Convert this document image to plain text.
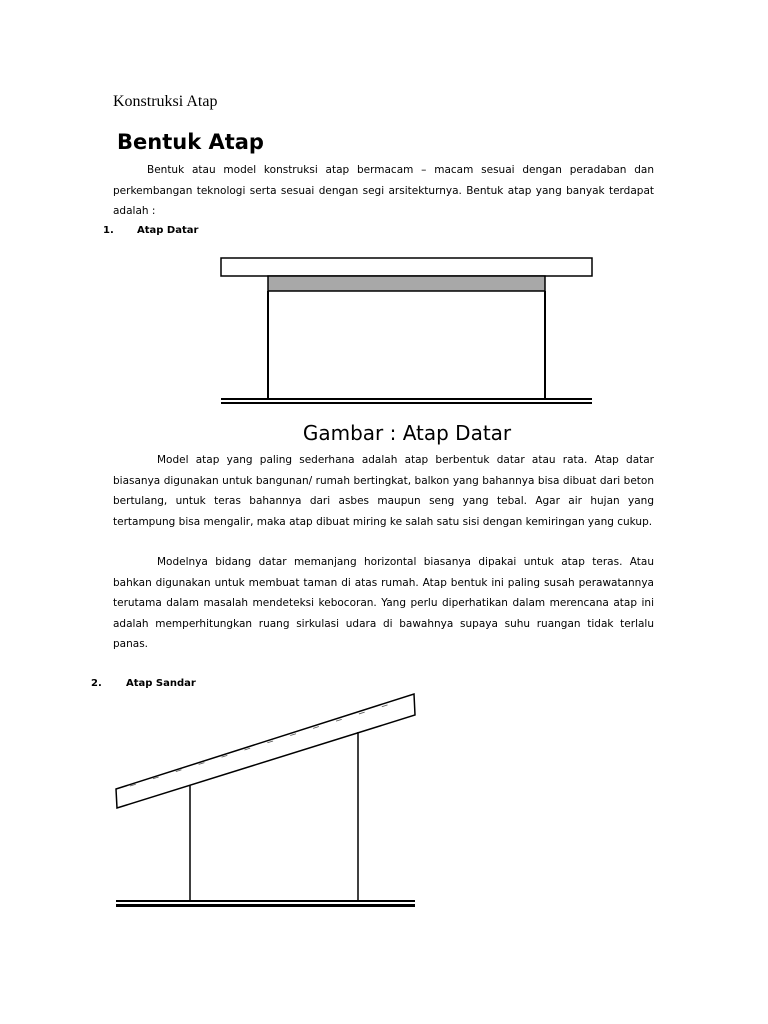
Konstruksi Atap
Bentuk Atap
Bentuk atau model konstruksi atap bermacam – macam sesuai dengan peradaban dan perkembangan teknologi serta sesuai dengan segi arsitekturnya. Bentuk atap yang banyak terdapat adalah :
1. Atap Datar
Gambar : Atap Datar
Model atap yang paling sederhana adalah atap berbentuk datar atau rata. Atap datar biasanya digunakan untuk bangunan/ rumah bertingkat, balkon yang bahannya bisa dibuat dari beton bertulang, untuk teras bahannya dari asbes maupun seng yang tebal. Agar air hujan yang tertampung bisa mengalir, maka atap dibuat miring ke salah satu sisi dengan kemiringan yang cukup.
Modelnya bidang datar memanjang horizontal biasanya dipakai untuk atap teras. Atau bahkan digunakan untuk membuat taman di atas rumah. Atap bentuk ini paling susah perawatannya terutama dalam masalah mendeteksi kebocoran. Yang perlu diperhatikan dalam merencana atap ini adalah memperhitungkan ruang sirkulasi udara di bawahnya supaya suhu ruangan tidak terlalu panas.
2. Atap Sandar
